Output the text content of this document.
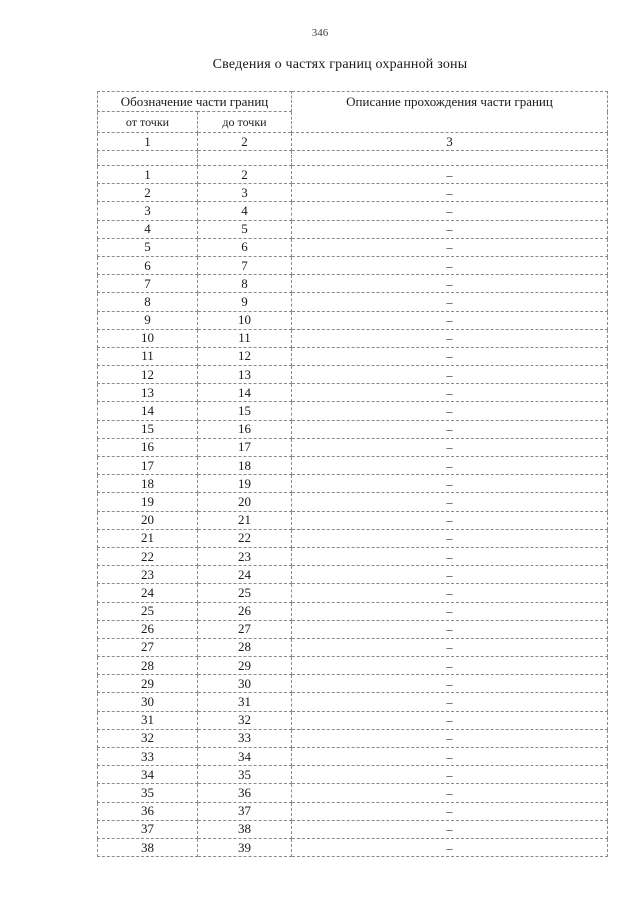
346
Сведения о частях границ охранной зоны
Обозначение части границ		Описание прохождения части границ
от точки	до точки	
1	2	3

1	2	–
2	3	–
3	4	–
4	5	–
5	6	–
6	7	–
7	8	–
8	9	–
9	10	–
10	11	–
11	12	–
12	13	–
13	14	–
14	15	–
15	16	–
16	17	–
17	18	–
18	19	–
19	20	–
20	21	–
21	22	–
22	23	–
23	24	–
24	25	–
25	26	–
26	27	–
27	28	–
28	29	–
29	30	–
30	31	–
31	32	–
32	33	–
33	34	–
34	35	–
35	36	–
36	37	–
37	38	–
38	39	–
